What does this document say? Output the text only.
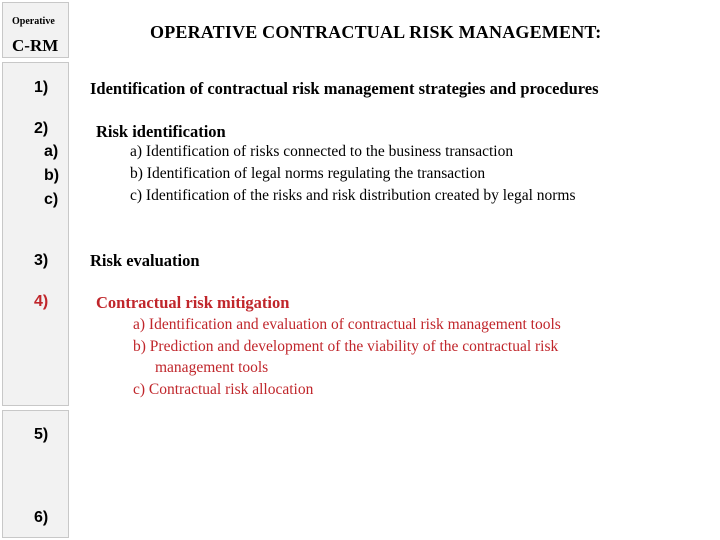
Operative
C-RM
OPERATIVE CONTRACTUAL RISK MANAGEMENT:
1)
2)
a)
b)
c)
3)
4)
5)
6)
Identification of contractual risk management strategies and procedures
Risk identification
a) Identification of risks connected to the business transaction
b) Identification of legal norms regulating the transaction
c) Identification of the risks and risk distribution created by legal norms
Risk evaluation
Contractual risk mitigation
a) Identification and evaluation of contractual risk management tools
b) Prediction and development of the viability of the contractual risk
management tools
c) Contractual risk allocation
